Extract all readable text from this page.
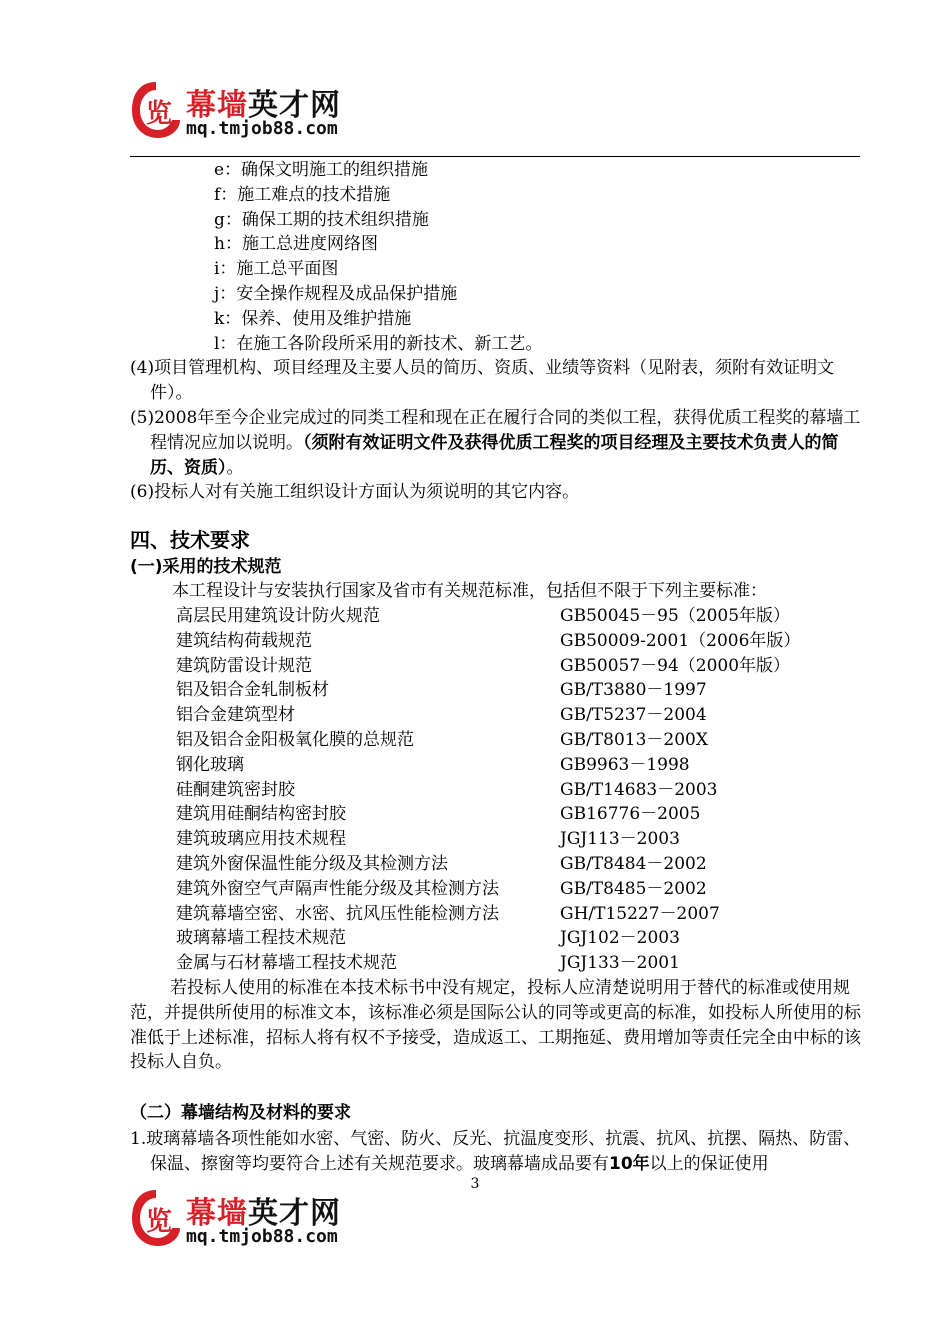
览 幕墙英才网
mq.tmjob88.com
e：确保文明施工的组织措施
f：施工难点的技术措施
g：确保工期的技术组织措施
h：施工总进度网络图
i：施工总平面图
j：安全操作规程及成品保护措施
k：保养、使用及维护措施
l：在施工各阶段所采用的新技术、新工艺。
(4)项目管理机构、项目经理及主要人员的简历、资质、业绩等资料（见附表，须附有效证明文件）。
(5)2008年至今企业完成过的同类工程和现在正在履行合同的类似工程，获得优质工程奖的幕墙工程情况应加以说明。（须附有效证明文件及获得优质工程奖的项目经理及主要技术负责人的简历、资质）。
(6)投标人对有关施工组织设计方面认为须说明的其它内容。
四、技术要求
(一)采用的技术规范
本工程设计与安装执行国家及省市有关规范标准，包括但不限于下列主要标准：
高层民用建筑设计防火规范	GB50045－95（2005年版）
建筑结构荷载规范	GB50009-2001（2006年版）
建筑防雷设计规范	GB50057－94（2000年版）
铝及铝合金轧制板材	GB/T3880－1997
铝合金建筑型材	GB/T5237－2004
铝及铝合金阳极氧化膜的总规范	GB/T8013－200X
钢化玻璃	GB9963－1998
硅酮建筑密封胶	GB/T14683－2003
建筑用硅酮结构密封胶	GB16776－2005
建筑玻璃应用技术规程	JGJ113－2003
建筑外窗保温性能分级及其检测方法	GB/T8484－2002
建筑外窗空气声隔声性能分级及其检测方法	GB/T8485－2002
建筑幕墙空密、水密、抗风压性能检测方法	GH/T15227－2007
玻璃幕墙工程技术规范	JGJ102－2003
金属与石材幕墙工程技术规范	JGJ133－2001
若投标人使用的标准在本技术标书中没有规定，投标人应清楚说明用于替代的标准或使用规范，并提供所使用的标准文本，该标准必须是国际公认的同等或更高的标准，如投标人所使用的标准低于上述标准，招标人将有权不予接受，造成返工、工期拖延、费用增加等责任完全由中标的该投标人自负。
（二）幕墙结构及材料的要求
1.玻璃幕墙各项性能如水密、气密、防火、反光、抗温度变形、抗震、抗风、抗摆、隔热、防雷、保温、擦窗等均要符合上述有关规范要求。玻璃幕墙成品要有10年以上的保证使用
3
览 幕墙英才网
mq.tmjob88.com
